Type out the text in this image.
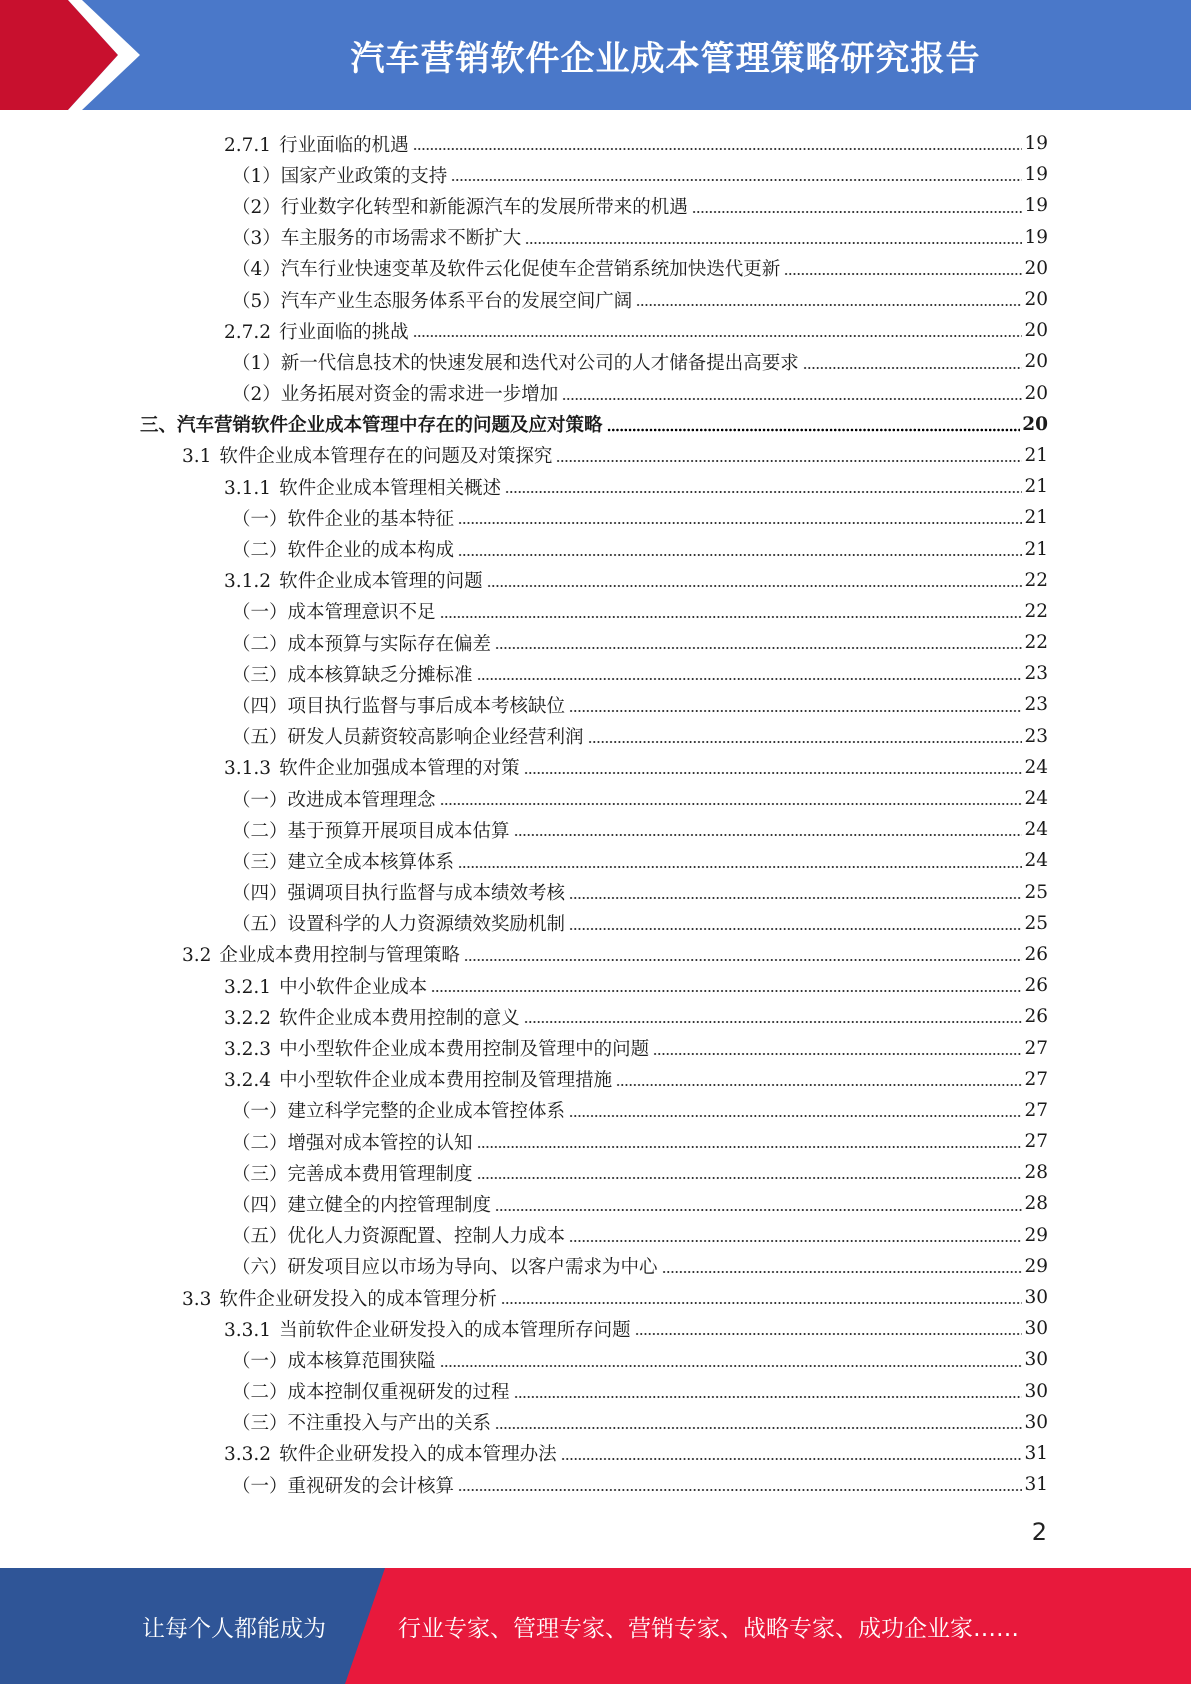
汽车营销软件企业成本管理策略研究报告
2.7.1 行业面临的机遇	19
（1）国家产业政策的支持	19
（2）行业数字化转型和新能源汽车的发展所带来的机遇	19
（3）车主服务的市场需求不断扩大	19
（4）汽车行业快速变革及软件云化促使车企营销系统加快迭代更新	20
（5）汽车产业生态服务体系平台的发展空间广阔	20
2.7.2 行业面临的挑战	20
（1）新一代信息技术的快速发展和迭代对公司的人才储备提出高要求	20
（2）业务拓展对资金的需求进一步增加	20
三、汽车营销软件企业成本管理中存在的问题及应对策略	20
3.1 软件企业成本管理存在的问题及对策探究	21
3.1.1 软件企业成本管理相关概述	21
（一）软件企业的基本特征	21
（二）软件企业的成本构成	21
3.1.2 软件企业成本管理的问题	22
（一）成本管理意识不足	22
（二）成本预算与实际存在偏差	22
（三）成本核算缺乏分摊标准	23
（四）项目执行监督与事后成本考核缺位	23
（五）研发人员薪资较高影响企业经营利润	23
3.1.3 软件企业加强成本管理的对策	24
（一）改进成本管理理念	24
（二）基于预算开展项目成本估算	24
（三）建立全成本核算体系	24
（四）强调项目执行监督与成本绩效考核	25
（五）设置科学的人力资源绩效奖励机制	25
3.2 企业成本费用控制与管理策略	26
3.2.1 中小软件企业成本	26
3.2.2 软件企业成本费用控制的意义	26
3.2.3 中小型软件企业成本费用控制及管理中的问题	27
3.2.4 中小型软件企业成本费用控制及管理措施	27
（一）建立科学完整的企业成本管控体系	27
（二）增强对成本管控的认知	27
（三）完善成本费用管理制度	28
（四）建立健全的内控管理制度	28
（五）优化人力资源配置、控制人力成本	29
（六）研发项目应以市场为导向、以客户需求为中心	29
3.3 软件企业研发投入的成本管理分析	30
3.3.1 当前软件企业研发投入的成本管理所存问题	30
（一）成本核算范围狭隘	30
（二）成本控制仅重视研发的过程	30
（三）不注重投入与产出的关系	30
3.3.2 软件企业研发投入的成本管理办法	31
（一）重视研发的会计核算	31
2
让每个人都能成为	行业专家、管理专家、营销专家、战略专家、成功企业家……
